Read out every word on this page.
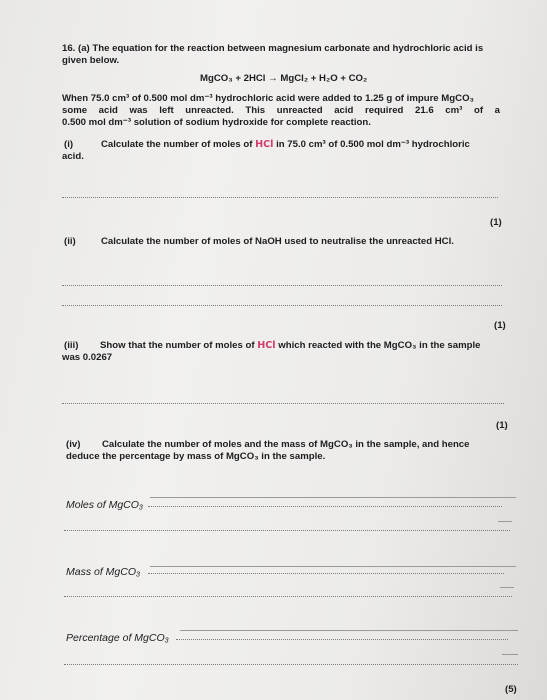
16. (a) The equation for the reaction between magnesium carbonate and hydrochloric acid is
given below.
MgCO₃ + 2HCl → MgCl₂ + H₂O + CO₂
When 75.0 cm³ of 0.500 mol dm⁻³ hydrochloric acid were added to 1.25 g of impure MgCO₃
some acid was left unreacted. This unreacted acid required 21.6 cm³ of a
0.500 mol dm⁻³ solution of sodium hydroxide for complete reaction.
(i)	Calculate the number of moles of HCl in 75.0 cm³ of 0.500 mol dm⁻³ hydrochloric
acid.
(1)
(ii)	Calculate the number of moles of NaOH used to neutralise the unreacted HCl.
(1)
(iii) Show that the number of moles of HCl which reacted with the MgCO₃ in the sample
was 0.0267
(1)
(iv) Calculate the number of moles and the mass of MgCO₃ in the sample, and hence
deduce the percentage by mass of MgCO₃ in the sample.
Moles of MgCO₃
Mass of MgCO₃
Percentage of MgCO₃
(5)
